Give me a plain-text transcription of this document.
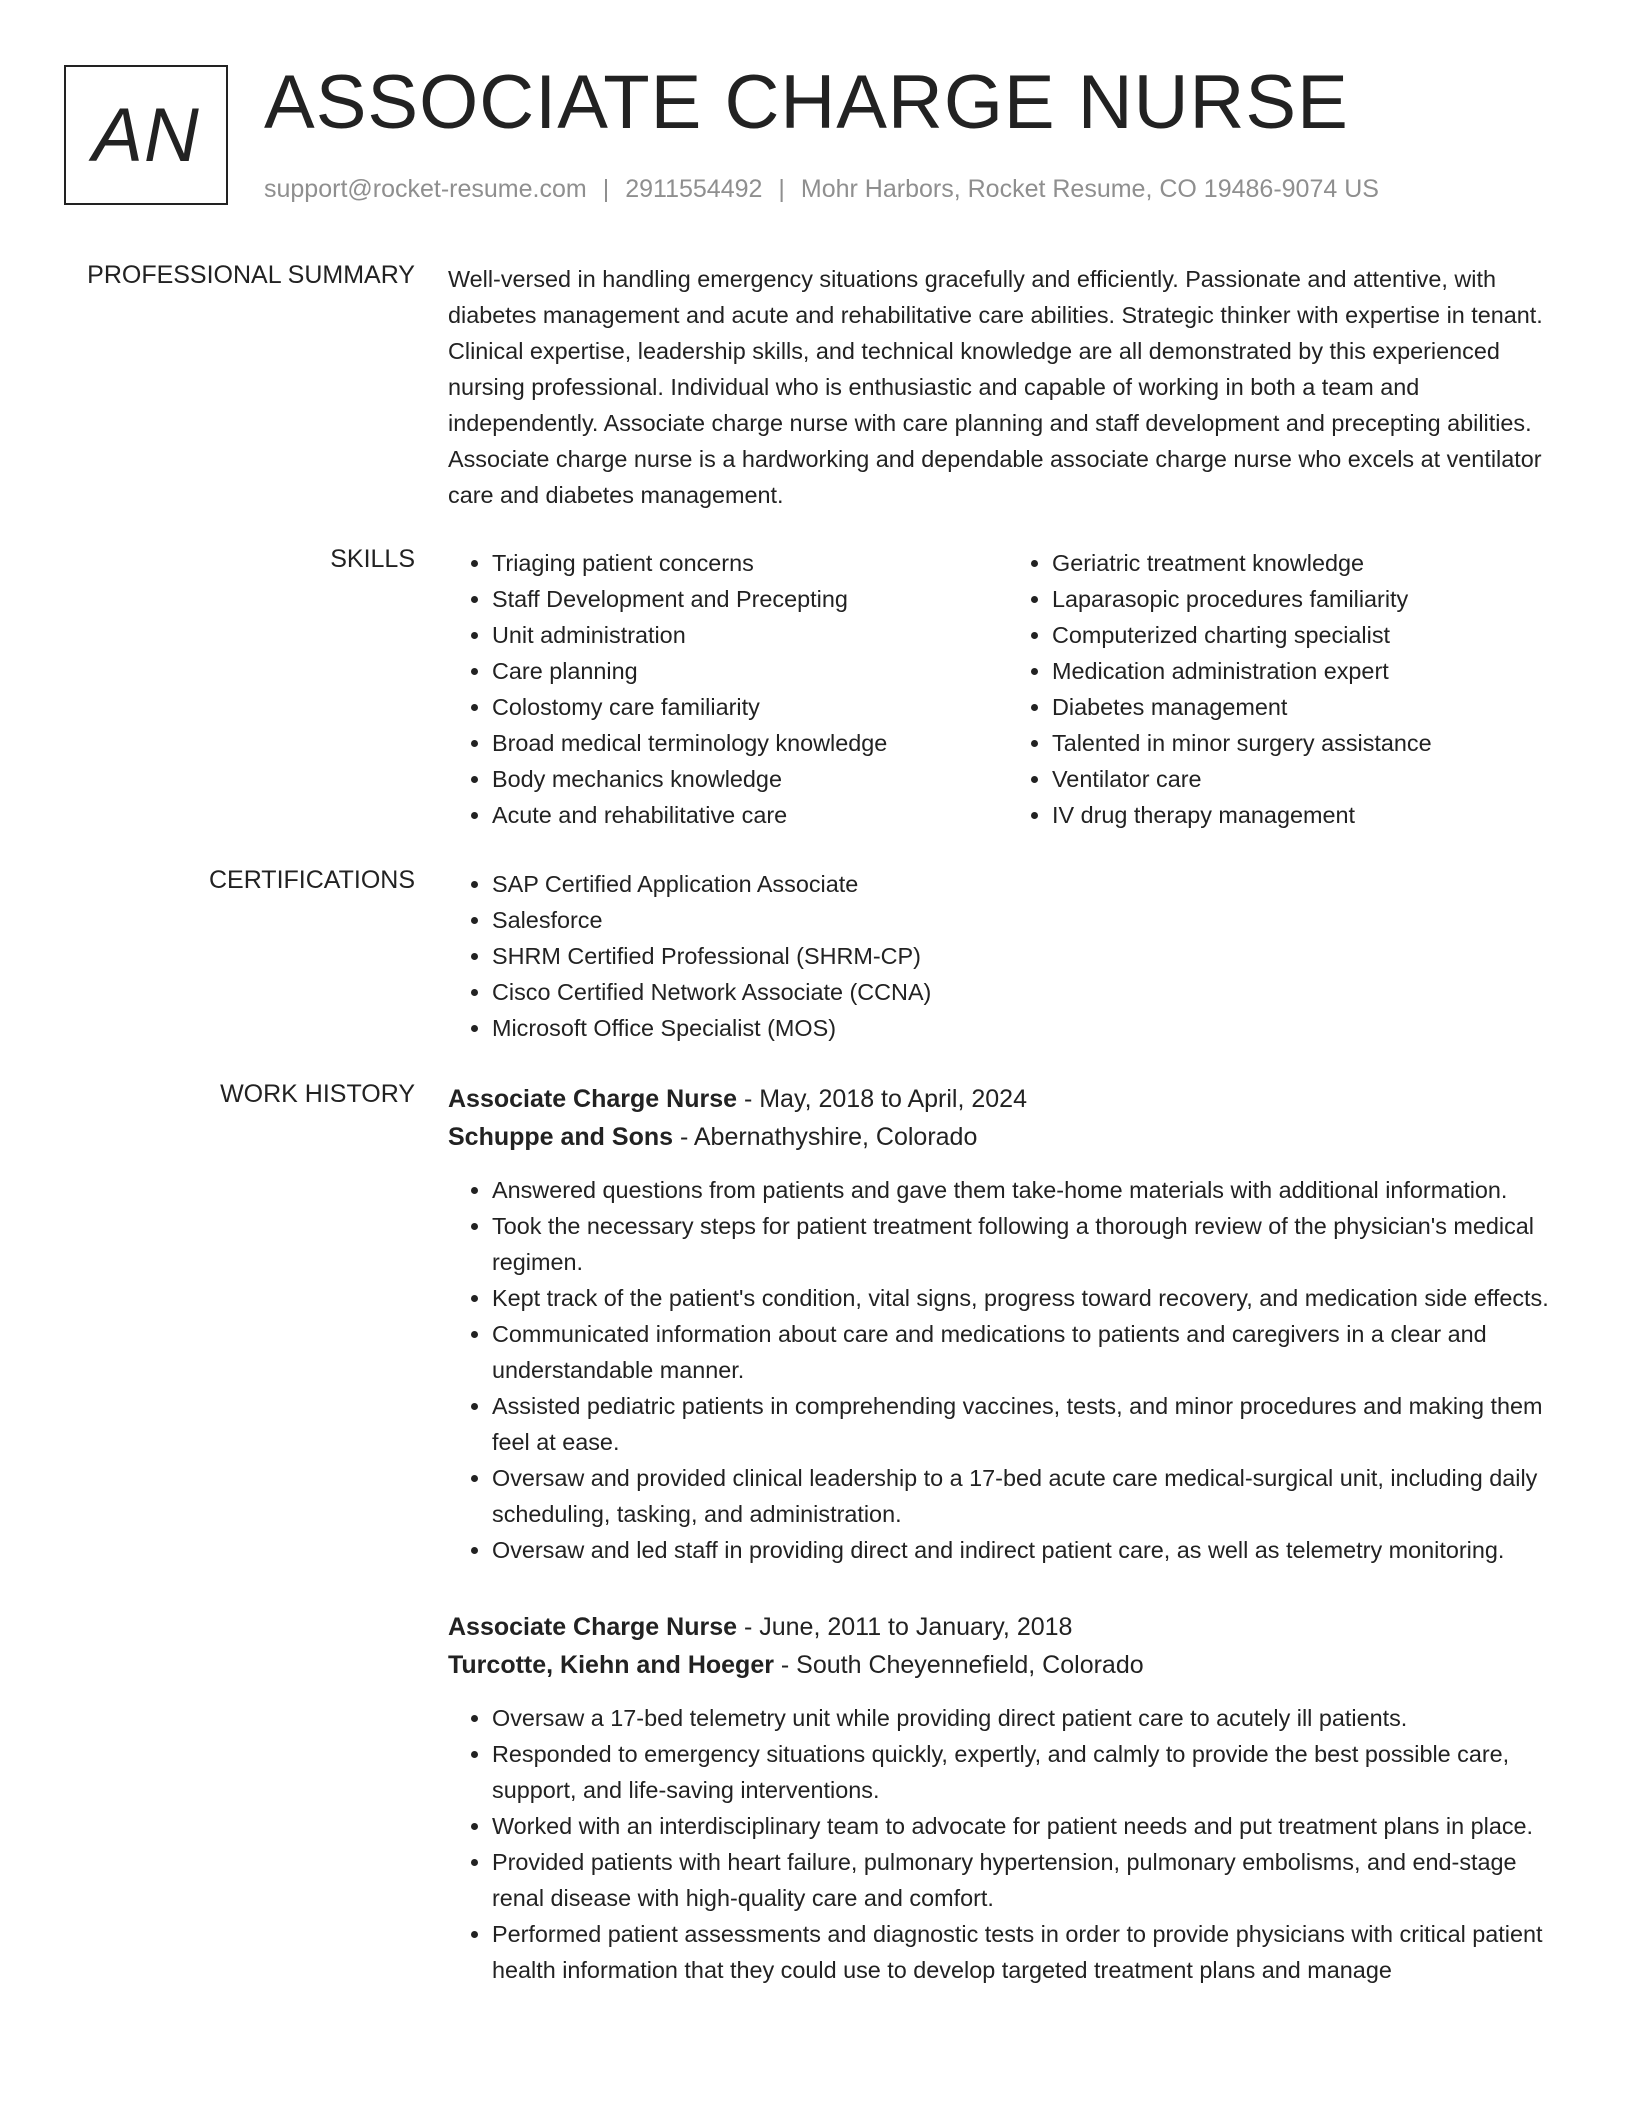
AN ASSOCIATE CHARGE NURSE
support@rocket-resume.com | 2911554492 | Mohr Harbors, Rocket Resume, CO 19486-9074 US
PROFESSIONAL SUMMARY Well-versed in handling emergency situations gracefully and efficiently. Passionate and attentive, with diabetes management and acute and rehabilitative care abilities. Strategic thinker with expertise in tenant. Clinical expertise, leadership skills, and technical knowledge are all demonstrated by this experienced nursing professional. Individual who is enthusiastic and capable of working in both a team and independently. Associate charge nurse with care planning and staff development and precepting abilities. Associate charge nurse is a hardworking and dependable associate charge nurse who excels at ventilator care and diabetes management.
SKILLS	• Triaging patient concerns
• Staff Development and Precepting
• Unit administration
• Care planning
• Colostomy care familiarity
• Broad medical terminology knowledge
• Body mechanics knowledge
• Acute and rehabilitative care
• Geriatric treatment knowledge
• Laparasopic procedures familiarity
• Computerized charting specialist
• Medication administration expert
• Diabetes management
• Talented in minor surgery assistance
• Ventilator care
• IV drug therapy management
CERTIFICATIONS	• SAP Certified Application Associate
• Salesforce
• SHRM Certified Professional (SHRM-CP)
• Cisco Certified Network Associate (CCNA)
• Microsoft Office Specialist (MOS)
WORK HISTORY Associate Charge Nurse - May, 2018 to April, 2024
Schuppe and Sons - Abernathyshire, Colorado
• Answered questions from patients and gave them take-home materials with additional information.
• Took the necessary steps for patient treatment following a thorough review of the physician's medical regimen.
• Kept track of the patient's condition, vital signs, progress toward recovery, and medication side effects.
• Communicated information about care and medications to patients and caregivers in a clear and understandable manner.
• Assisted pediatric patients in comprehending vaccines, tests, and minor procedures and making them feel at ease.
• Oversaw and provided clinical leadership to a 17-bed acute care medical-surgical unit, including daily scheduling, tasking, and administration.
• Oversaw and led staff in providing direct and indirect patient care, as well as telemetry monitoring.
Associate Charge Nurse - June, 2011 to January, 2018
Turcotte, Kiehn and Hoeger - South Cheyennefield, Colorado
• Oversaw a 17-bed telemetry unit while providing direct patient care to acutely ill patients.
• Responded to emergency situations quickly, expertly, and calmly to provide the best possible care, support, and life-saving interventions.
• Worked with an interdisciplinary team to advocate for patient needs and put treatment plans in place.
• Provided patients with heart failure, pulmonary hypertension, pulmonary embolisms, and end-stage renal disease with high-quality care and comfort.
• Performed patient assessments and diagnostic tests in order to provide physicians with critical patient health information that they could use to develop targeted treatment plans and manage
